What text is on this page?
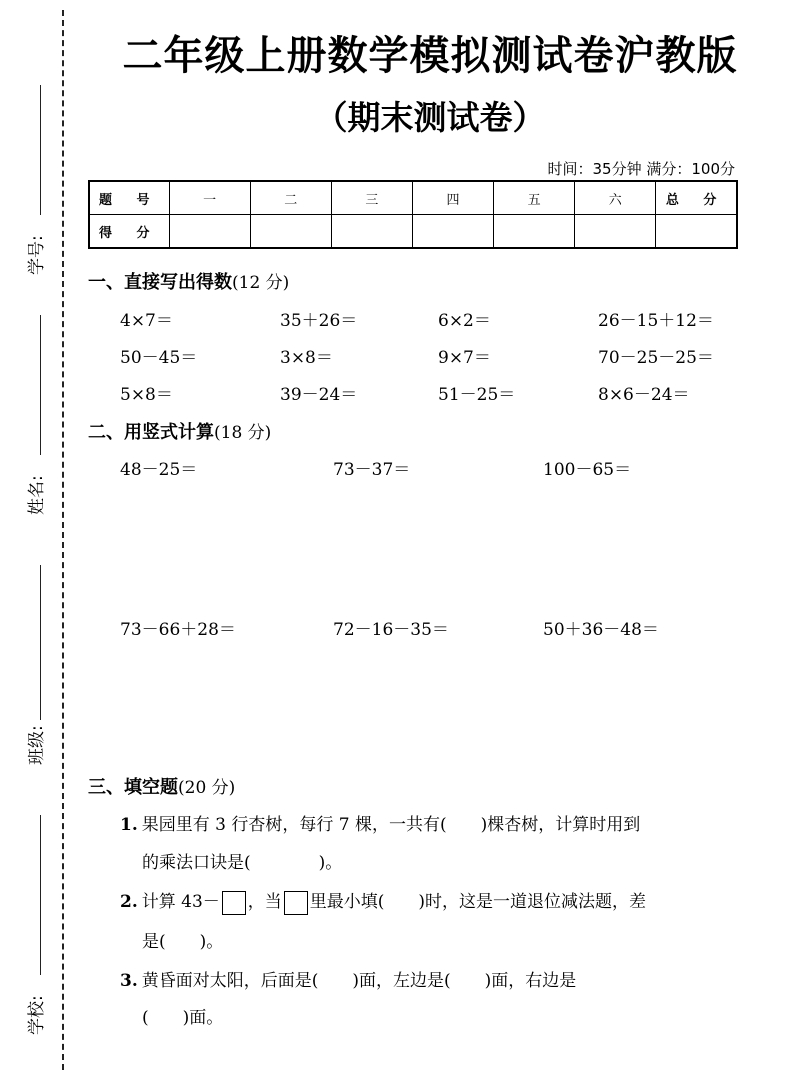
学号:
姓名:
班级:
学校:
二年级上册数学模拟测试卷沪教版
（期末测试卷）
时间：35分钟 满分：100分
题 号	一	二	三	四	五	六	总 分
得 分							
一、直接写出得数(12 分)
4×7＝	35＋26＝	6×2＝	26－15＋12＝
50－45＝	3×8＝	9×7＝	70－25－25＝
5×8＝	39－24＝	51－25＝	8×6－24＝
二、用竖式计算(18 分)
48－25＝	73－37＝	100－65＝
73－66＋28＝	72－16－35＝	50＋36－48＝
三、填空题(20 分)
1. 果园里有 3 行杏树，每行 7 棵，一共有(　　)棵杏树，计算时用到
的乘法口诀是(　　　　)。
2. 计算 43－ ，当 里最小填(　　)时，这是一道退位减法题，差
是(　　)。
3. 黄昏面对太阳，后面是(　　)面，左边是(　　)面，右边是
(　　)面。
